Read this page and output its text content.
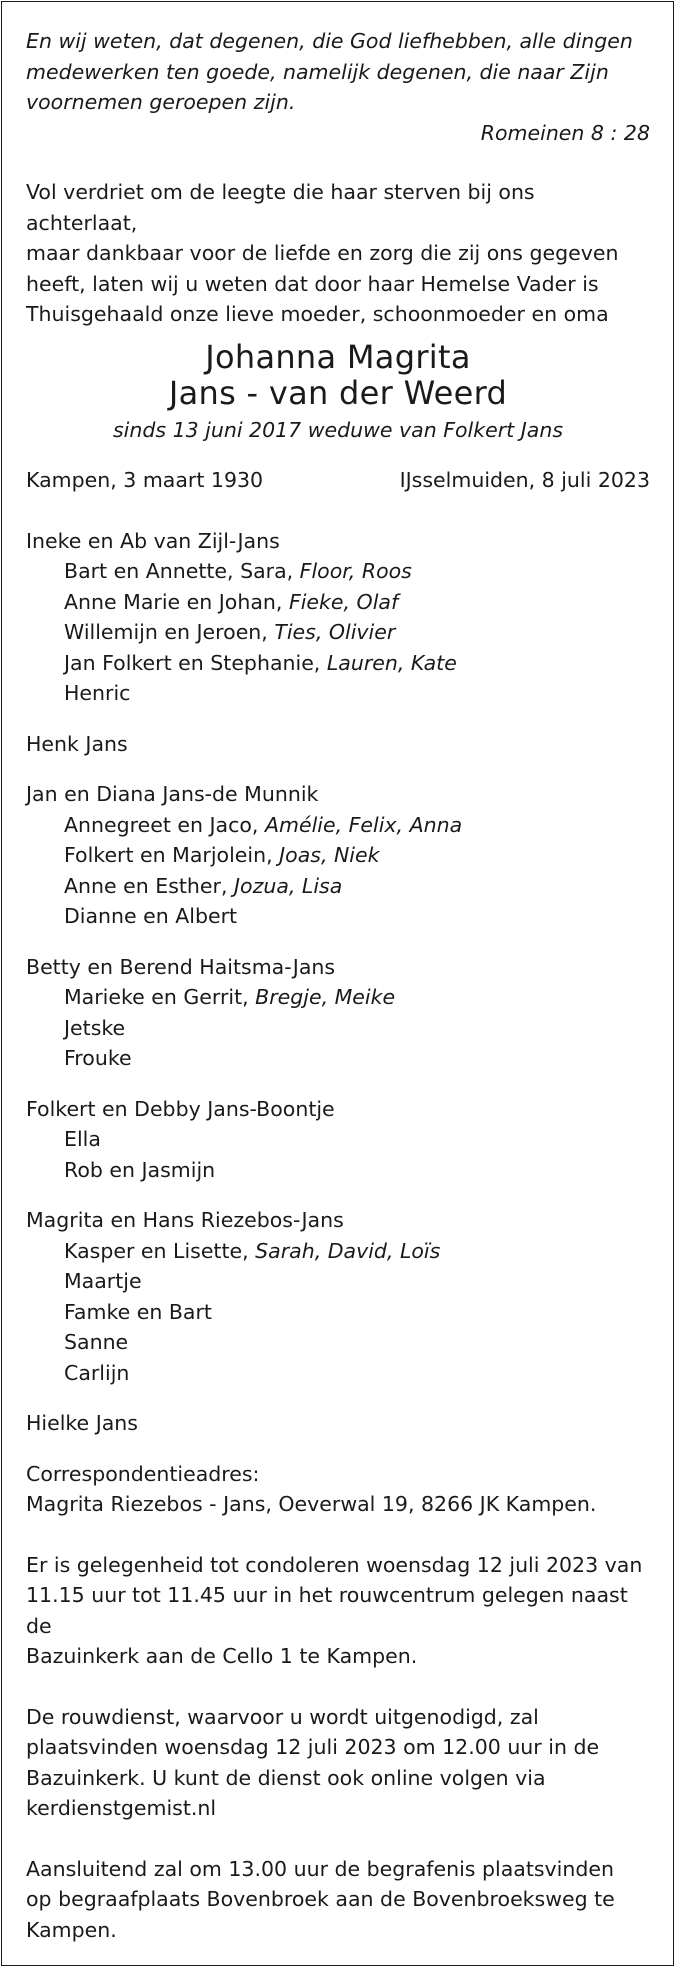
En wij weten, dat degenen, die God liefhebben, alle dingen
medewerken ten goede, namelijk degenen, die naar Zijn
voornemen geroepen zijn.
Romeinen 8 : 28
Vol verdriet om de leegte die haar sterven bij ons achterlaat,
maar dankbaar voor de liefde en zorg die zij ons gegeven
heeft, laten wij u weten dat door haar Hemelse Vader is
Thuisgehaald onze lieve moeder, schoonmoeder en oma
Johanna Magrita
Jans - van der Weerd
sinds 13 juni 2017 weduwe van Folkert Jans
Kampen, 3 maart 1930	IJsselmuiden, 8 juli 2023
Ineke en Ab van Zijl-Jans
Bart en Annette, Sara, Floor, Roos
Anne Marie en Johan, Fieke, Olaf
Willemijn en Jeroen, Ties, Olivier
Jan Folkert en Stephanie, Lauren, Kate
Henric
Henk Jans
Jan en Diana Jans-de Munnik
Annegreet en Jaco, Amélie, Felix, Anna
Folkert en Marjolein, Joas, Niek
Anne en Esther, Jozua, Lisa
Dianne en Albert
Betty en Berend Haitsma-Jans
Marieke en Gerrit, Bregje, Meike
Jetske
Frouke
Folkert en Debby Jans-Boontje
Ella
Rob en Jasmijn
Magrita en Hans Riezebos-Jans
Kasper en Lisette, Sarah, David, Loïs
Maartje
Famke en Bart
Sanne
Carlijn
Hielke Jans
Correspondentieadres:
Magrita Riezebos - Jans, Oeverwal 19, 8266 JK Kampen.
Er is gelegenheid tot condoleren woensdag 12 juli 2023 van
11.15 uur tot 11.45 uur in het rouwcentrum gelegen naast de
Bazuinkerk aan de Cello 1 te Kampen.
De rouwdienst, waarvoor u wordt uitgenodigd, zal
plaatsvinden woensdag 12 juli 2023 om 12.00 uur in de
Bazuinkerk. U kunt de dienst ook online volgen via
kerdienstgemist.nl
Aansluitend zal om 13.00 uur de begrafenis plaatsvinden
op begraafplaats Bovenbroek aan de Bovenbroeksweg te
Kampen.
